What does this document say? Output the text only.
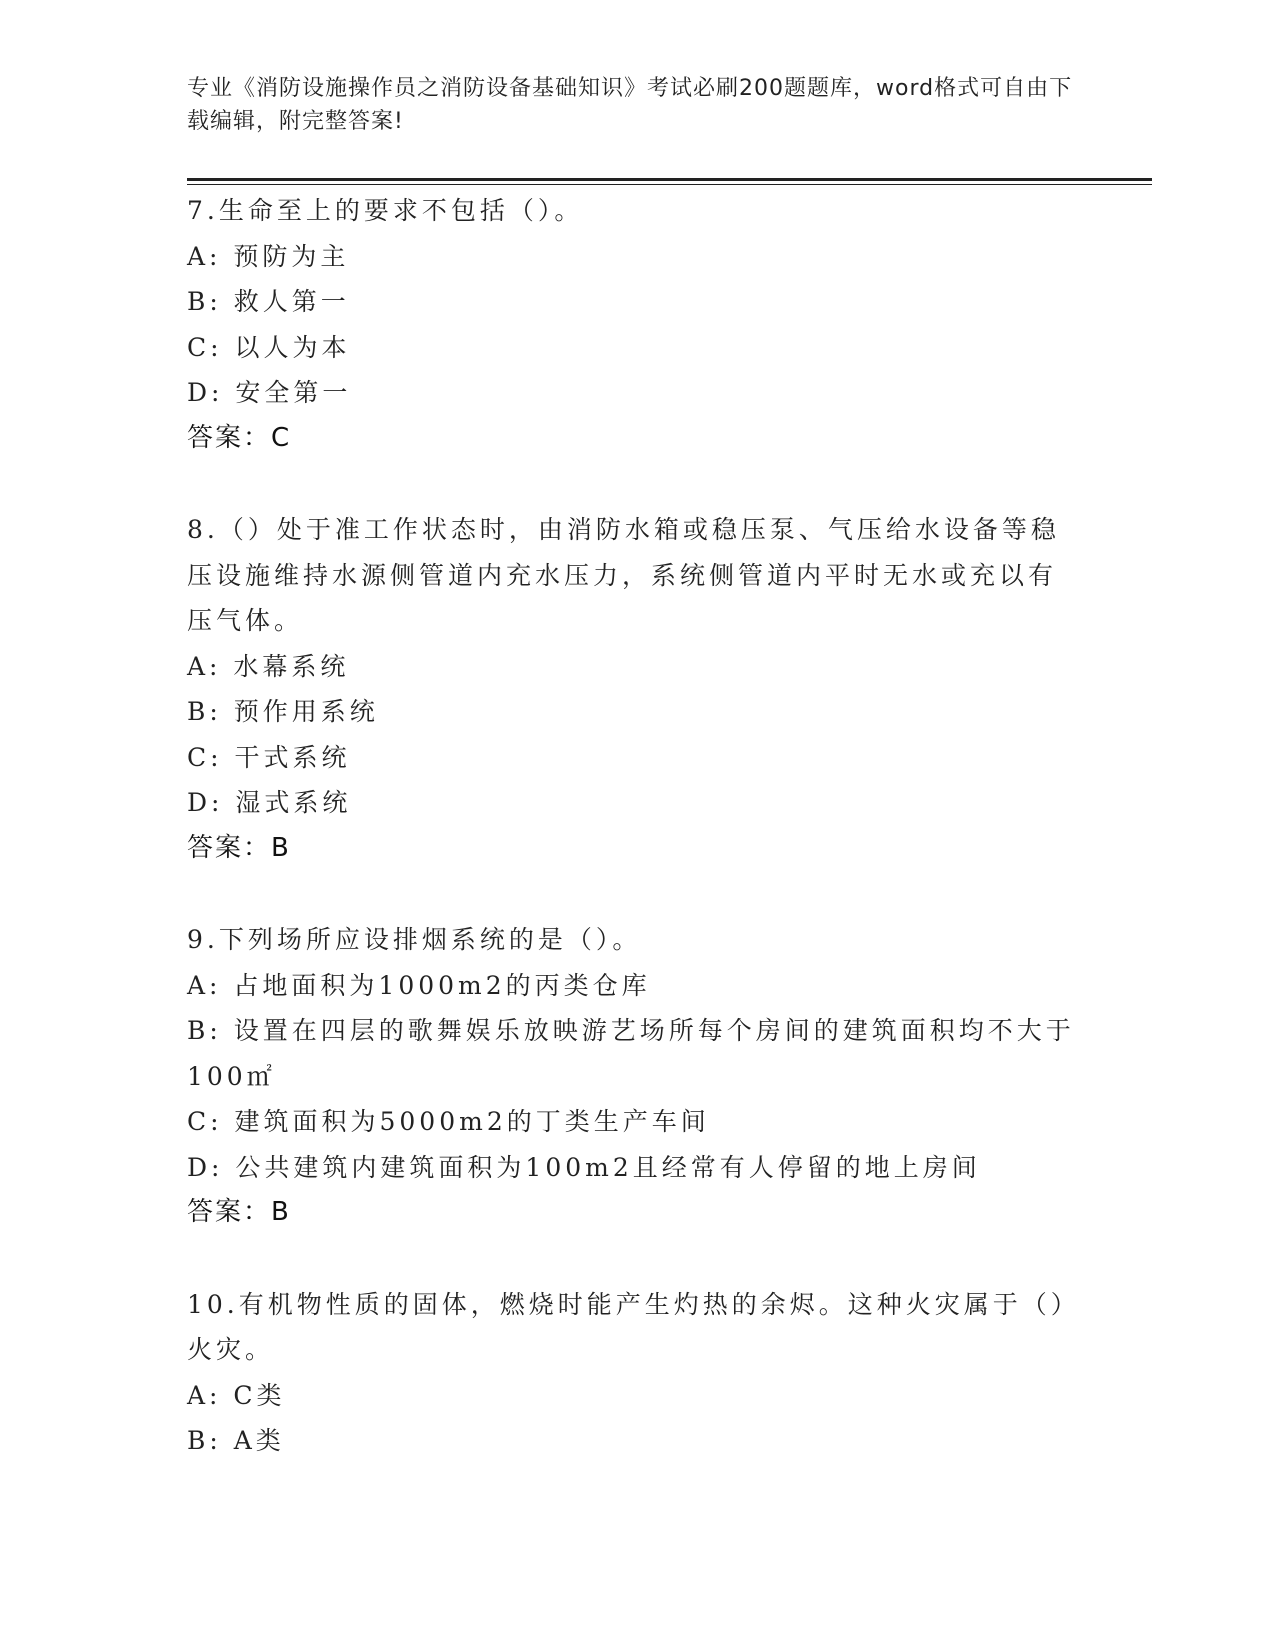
专业《消防设施操作员之消防设备基础知识》考试必刷200题题库，word格式可自由下载编辑，附完整答案!

7.生命至上的要求不包括（）。

A: 预防为主

B: 救人第一

C: 以人为本

D: 安全第一

答案：C

8.（）处于准工作状态时，由消防水箱或稳压泵、气压给水设备等稳压设施维持水源侧管道内充水压力，系统侧管道内平时无水或充以有压气体。

A: 水幕系统

B: 预作用系统

C: 干式系统

D: 湿式系统

答案：B

9.下列场所应设排烟系统的是（）。

A: 占地面积为1000m2的丙类仓库

B: 设置在四层的歌舞娱乐放映游艺场所每个房间的建筑面积均不大于100㎡

C: 建筑面积为5000m2的丁类生产车间

D: 公共建筑内建筑面积为100m2且经常有人停留的地上房间

答案：B

10.有机物性质的固体，燃烧时能产生灼热的余烬。这种火灾属于（）火灾。

A: C类

B: A类
